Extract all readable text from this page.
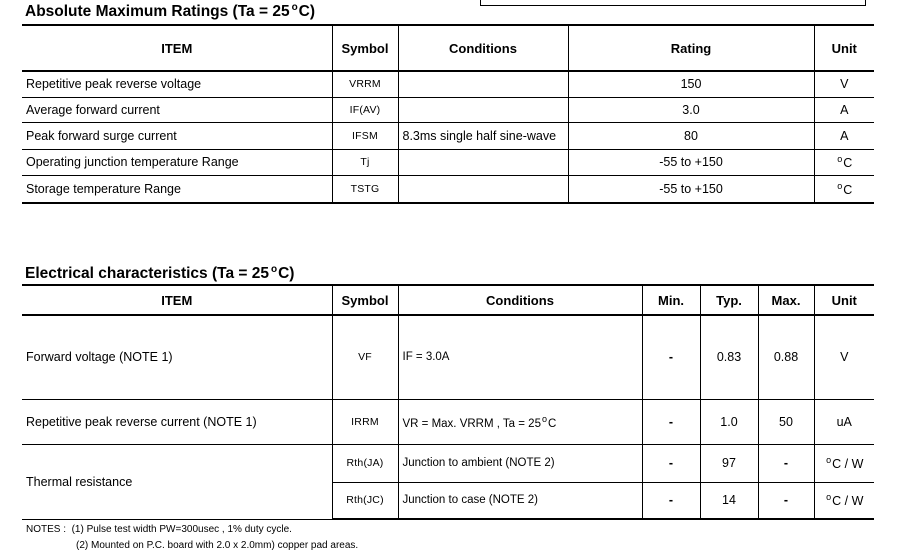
Absolute Maximum Ratings (Ta = 25 $^o$C)
ITEM	Symbol	Conditions	Rating	Unit
Repetitive peak reverse voltage	VRRM		150	V
Average forward current	IF(AV)		3.0	A
Peak forward surge current	IFSM	8.3ms single half sine-wave	80	A
Operating junction temperature Range	Tj		-55 to +150	$^o$C
Storage temperature Range	TSTG		-55 to +150	$^o$C
Electrical characteristics (Ta = 25 $^o$C)
ITEM	Symbol	Conditions	Min.	Typ.	Max.	Unit
Forward voltage (NOTE 1)	VF	IF = 3.0A	-	0.83	0.88	V
Repetitive peak reverse current (NOTE 1)	IRRM	VR = Max. VRRM , $Ta = 25^oC$	-	1.0	50	uA
Thermal resistance	Rth(JA)	Junction to ambient (NOTE 2)	-	97	-	$^o$C / W
	Rth(JC)	Junction to case (NOTE 2)	-	14	-	$^o$C / W
NOTES : (1) Pulse test width PW=300usec , 1% duty cycle.
(2) Mounted on P.C. board with 2.0 x 2.0mm) copper pad areas.
